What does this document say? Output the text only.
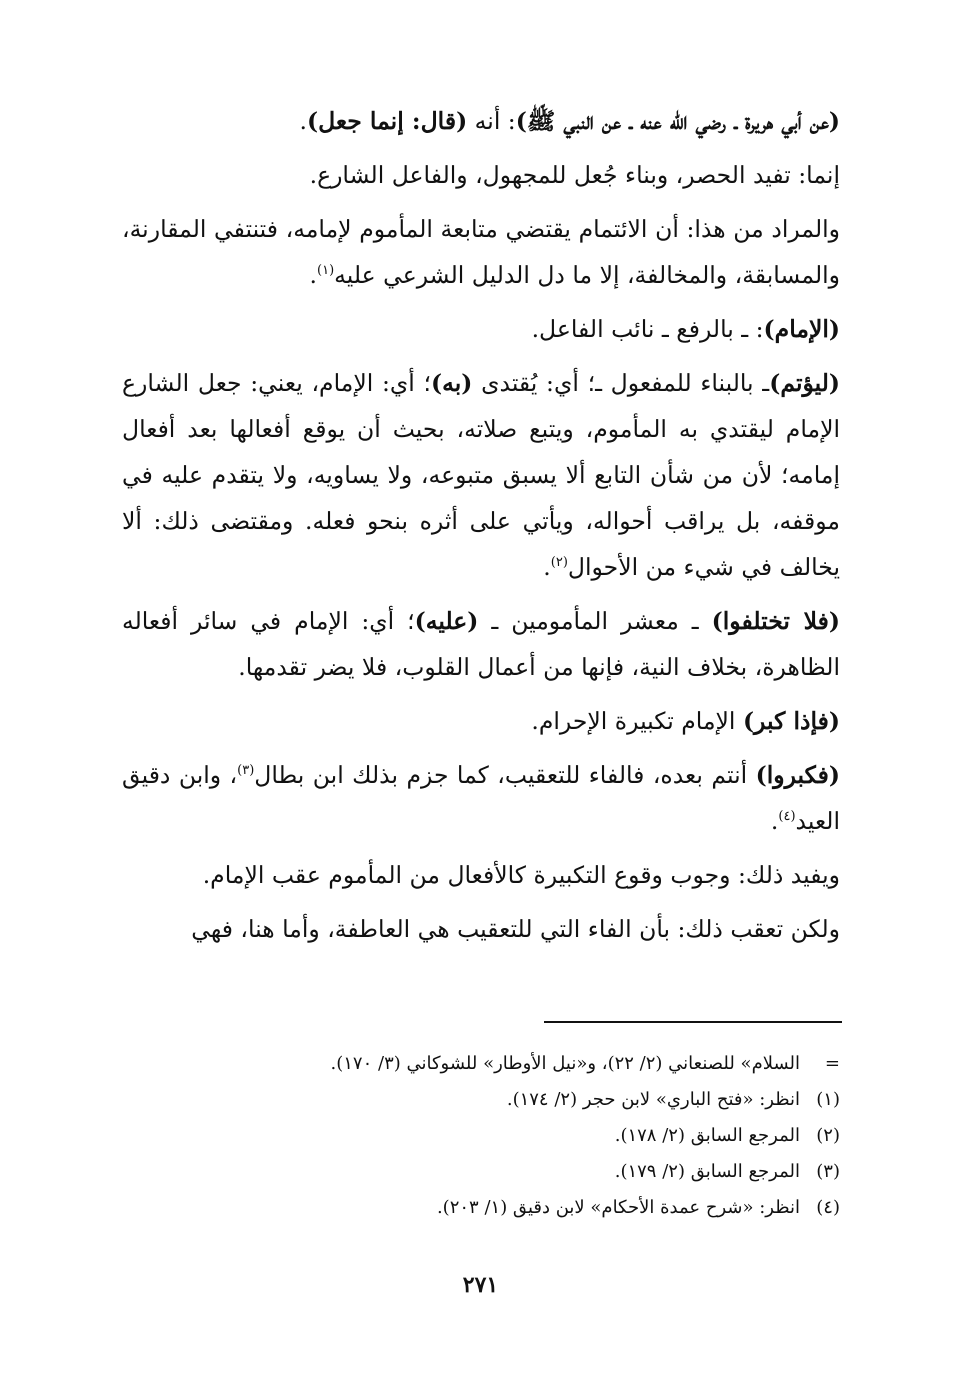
(عن أبي هريرة ـ رضي الله عنه ـ عن النبي ﷺ): أنه (قال: إنما جعل).

إنما: تفيد الحصر، وبناء جُعل للمجهول، والفاعل الشارع.

والمراد من هذا: أن الائتمام يقتضي متابعة المأموم لإمامه، فتنتفي المقارنة، والمسابقة، والمخالفة، إلا ما دل الدليل الشرعي عليه$^{(١)}$.

(الإمام): ـ بالرفع ـ نائب الفاعل.

(ليؤتم)ـ بالبناء للمفعول ـ؛ أي: يُقتدى (به)؛ أي: الإمام، يعني: جعل الشارع الإمام ليقتدي به المأموم، ويتبع صلاته، بحيث أن يوقع أفعالها بعد أفعال إمامه؛ لأن من شأن التابع ألا يسبق متبوعه، ولا يساويه، ولا يتقدم عليه في موقفه، بل يراقب أحواله، ويأتي على أثره بنحو فعله. ومقتضى ذلك: ألا يخالف في شيء من الأحوال$^{(٢)}$.

(فلا تختلفوا) ـ معشر المأمومين ـ (عليه)؛ أي: الإمام في سائر أفعاله الظاهرة، بخلاف النية، فإنها من أعمال القلوب، فلا يضر تقدمها.

(فإذا كبر) الإمام تكبيرة الإحرام.

(فكبروا) أنتم بعده، فالفاء للتعقيب، كما جزم بذلك ابن بطال$^{(٣)}$، وابن دقيق العيد$^{(٤)}$.

ويفيد ذلك: وجوب وقوع التكبيرة كالأفعال من المأموم عقب الإمام.

ولكن تعقب ذلك: بأن الفاء التي للتعقيب هي العاطفة، وأما هنا، فهي

=السلام» للصنعاني (٢/ ٢٢)، و«نيل الأوطار» للشوكاني (٣/ ١٧٠).
(١)انظر: «فتح الباري» لابن حجر (٢/ ١٧٤).
(٢)المرجع السابق (٢/ ١٧٨).
(٣)المرجع السابق (٢/ ١٧٩).
(٤)انظر: «شرح عمدة الأحكام» لابن دقيق (١/ ٢٠٣).
٢٧١
